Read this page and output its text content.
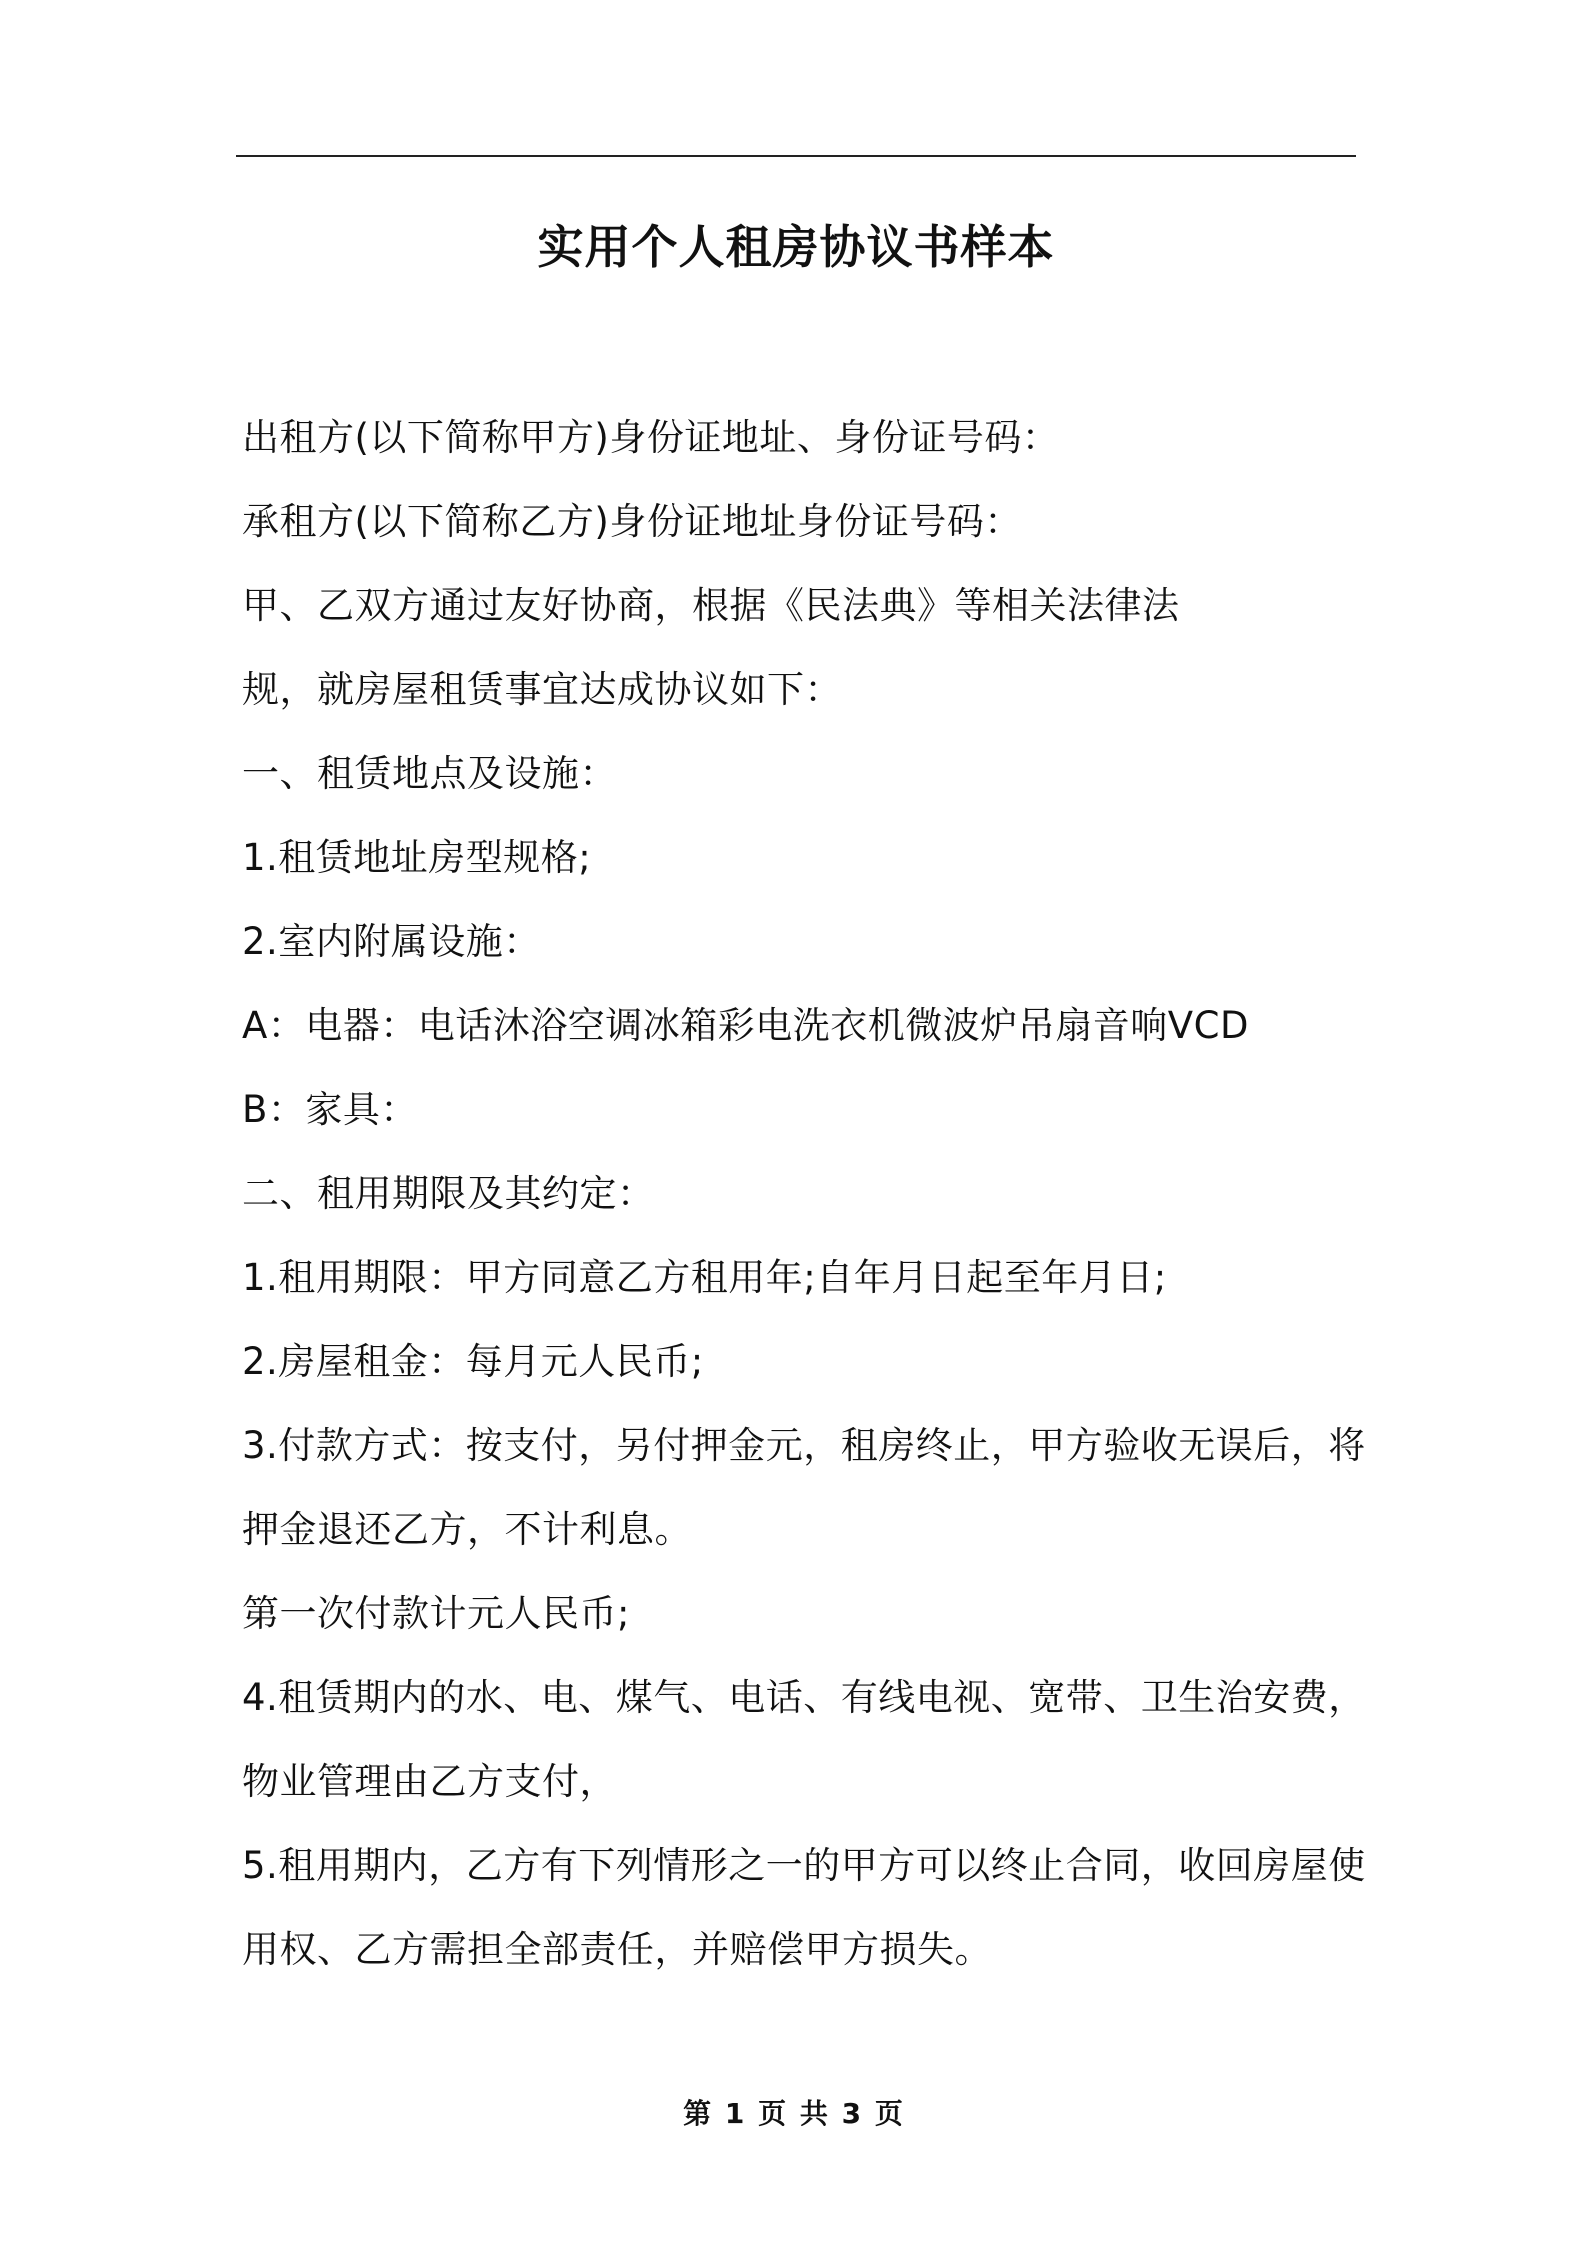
实用个人租房协议书样本
出租方(以下简称甲方)身份证地址、身份证号码：
承租方(以下简称乙方)身份证地址身份证号码：
甲、乙双方通过友好协商，根据《民法典》等相关法律法
规，就房屋租赁事宜达成协议如下：
一、租赁地点及设施：
1.租赁地址房型规格;
2.室内附属设施：
A：电器：电话沐浴空调冰箱彩电洗衣机微波炉吊扇音响VCD
B：家具：
二、租用期限及其约定：
1.租用期限：甲方同意乙方租用年;自年月日起至年月日;
2.房屋租金：每月元人民币;
3.付款方式：按支付，另付押金元，租房终止，甲方验收无误后，将
押金退还乙方，不计利息。
第一次付款计元人民币;
4.租赁期内的水、电、煤气、电话、有线电视、宽带、卫生治安费，
物业管理由乙方支付，
5.租用期内，乙方有下列情形之一的甲方可以终止合同，收回房屋使
用权、乙方需担全部责任，并赔偿甲方损失。
第 1 页 共 3 页
